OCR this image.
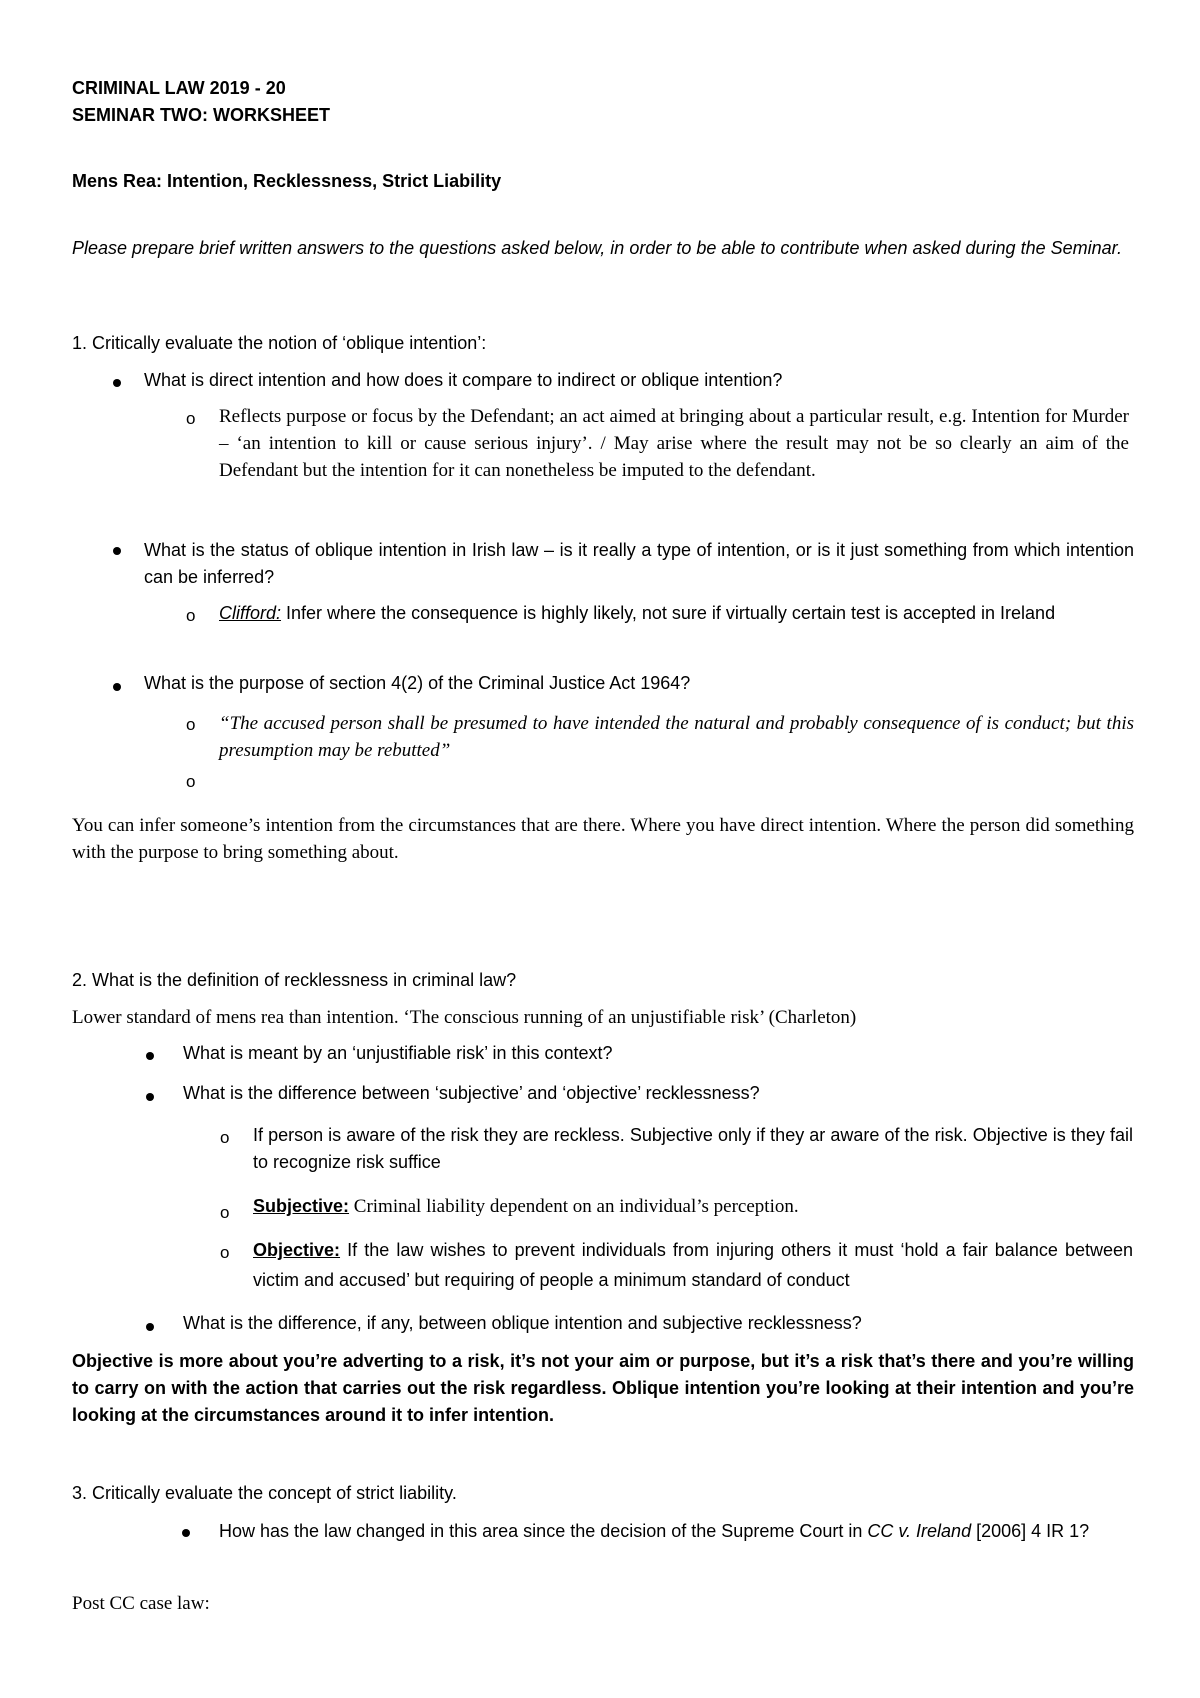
CRIMINAL LAW 2019 - 20
SEMINAR TWO: WORKSHEET
Mens Rea: Intention, Recklessness, Strict Liability
Please prepare brief written answers to the questions asked below, in order to be able to contribute when asked during the Seminar.
1. Critically evaluate the notion of ‘oblique intention’:
What is direct intention and how does it compare to indirect or oblique intention?
o Reflects purpose or focus by the Defendant; an act aimed at bringing about a particular result, e.g. Intention for Murder – ‘an intention to kill or cause serious injury’. / May arise where the result may not be so clearly an aim of the Defendant but the intention for it can nonetheless be imputed to the defendant.
What is the status of oblique intention in Irish law – is it really a type of intention, or is it just something from which intention can be inferred?
o Clifford: Infer where the consequence is highly likely, not sure if virtually certain test is accepted in Ireland
What is the purpose of section 4(2) of the Criminal Justice Act 1964?
o “The accused person shall be presumed to have intended the natural and probably consequence of is conduct; but this presumption may be rebutted”
o
You can infer someone’s intention from the circumstances that are there. Where you have direct intention. Where the person did something with the purpose to bring something about.
2. What is the definition of recklessness in criminal law?
Lower standard of mens rea than intention. ‘The conscious running of an unjustifiable risk’ (Charleton)
What is meant by an ‘unjustifiable risk’ in this context?
What is the difference between ‘subjective’ and ‘objective’ recklessness?
o If person is aware of the risk they are reckless. Subjective only if they ar aware of the risk. Objective is they fail to recognize risk suffice
o Subjective: Criminal liability dependent on an individual’s perception.
o Objective: If the law wishes to prevent individuals from injuring others it must ‘hold a fair balance between victim and accused’ but requiring of people a minimum standard of conduct
What is the difference, if any, between oblique intention and subjective recklessness?
Objective is more about you’re adverting to a risk, it’s not your aim or purpose, but it’s a risk that’s there and you’re willing to carry on with the action that carries out the risk regardless. Oblique intention you’re looking at their intention and you’re looking at the circumstances around it to infer intention.
3. Critically evaluate the concept of strict liability.
How has the law changed in this area since the decision of the Supreme Court in CC v. Ireland [2006] 4 IR 1?
Post CC case law:
